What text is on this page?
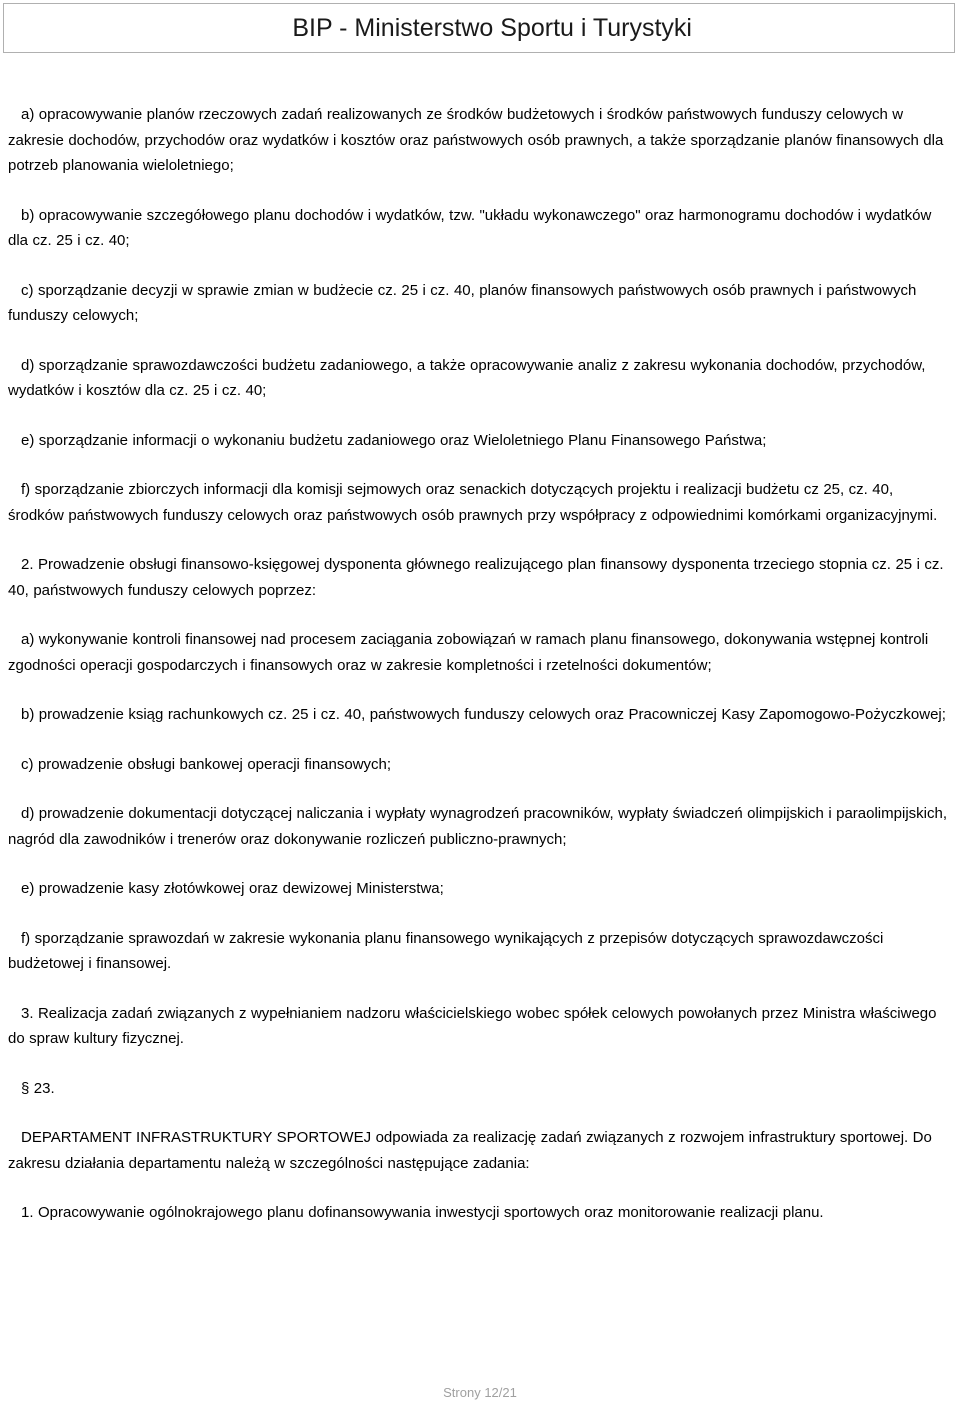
BIP - Ministerstwo Sportu i Turystyki

a) opracowywanie planów rzeczowych zadań realizowanych ze środków budżetowych i środków państwowych funduszy celowych w zakresie dochodów, przychodów oraz wydatków i kosztów oraz państwowych osób prawnych, a także sporządzanie planów finansowych dla potrzeb planowania wieloletniego;

b) opracowywanie szczegółowego planu dochodów i wydatków, tzw. "układu wykonawczego" oraz harmonogramu dochodów i wydatków dla cz. 25 i cz. 40;

c) sporządzanie decyzji w sprawie zmian w budżecie cz. 25 i cz. 40, planów finansowych państwowych osób prawnych i państwowych funduszy celowych;

d) sporządzanie sprawozdawczości budżetu zadaniowego, a także opracowywanie analiz z zakresu wykonania dochodów, przychodów, wydatków i kosztów dla cz. 25 i cz. 40;

e) sporządzanie informacji o wykonaniu budżetu zadaniowego oraz Wieloletniego Planu Finansowego Państwa;

f) sporządzanie zbiorczych informacji dla komisji sejmowych oraz senackich dotyczących projektu i realizacji budżetu cz 25, cz. 40, środków państwowych funduszy celowych oraz państwowych osób prawnych przy współpracy z odpowiednimi komórkami organizacyjnymi.

2. Prowadzenie obsługi finansowo-księgowej dysponenta głównego realizującego plan finansowy dysponenta trzeciego stopnia cz. 25 i cz. 40, państwowych funduszy celowych poprzez:

a) wykonywanie kontroli finansowej nad procesem zaciągania zobowiązań w ramach planu finansowego, dokonywania wstępnej kontroli zgodności operacji gospodarczych i finansowych oraz w zakresie kompletności i rzetelności dokumentów;

b) prowadzenie ksiąg rachunkowych cz. 25 i cz. 40, państwowych funduszy celowych oraz Pracowniczej Kasy Zapomogowo-Pożyczkowej;

c) prowadzenie obsługi bankowej operacji finansowych;

d) prowadzenie dokumentacji dotyczącej naliczania i wypłaty wynagrodzeń pracowników, wypłaty świadczeń olimpijskich i paraolimpijskich, nagród dla zawodników i trenerów oraz dokonywanie rozliczeń publiczno-prawnych;

e) prowadzenie kasy złotówkowej oraz dewizowej Ministerstwa;

f) sporządzanie sprawozdań w zakresie wykonania planu finansowego wynikających z przepisów dotyczących sprawozdawczości budżetowej i finansowej.

3. Realizacja zadań związanych z wypełnianiem nadzoru właścicielskiego wobec spółek celowych powołanych przez Ministra właściwego do spraw kultury fizycznej.

§ 23.

DEPARTAMENT INFRASTRUKTURY SPORTOWEJ odpowiada za realizację zadań związanych z rozwojem infrastruktury sportowej. Do zakresu działania departamentu należą w szczególności następujące zadania:

1. Opracowywanie ogólnokrajowego planu dofinansowywania inwestycji sportowych oraz monitorowanie realizacji planu.

Strony 12/21
